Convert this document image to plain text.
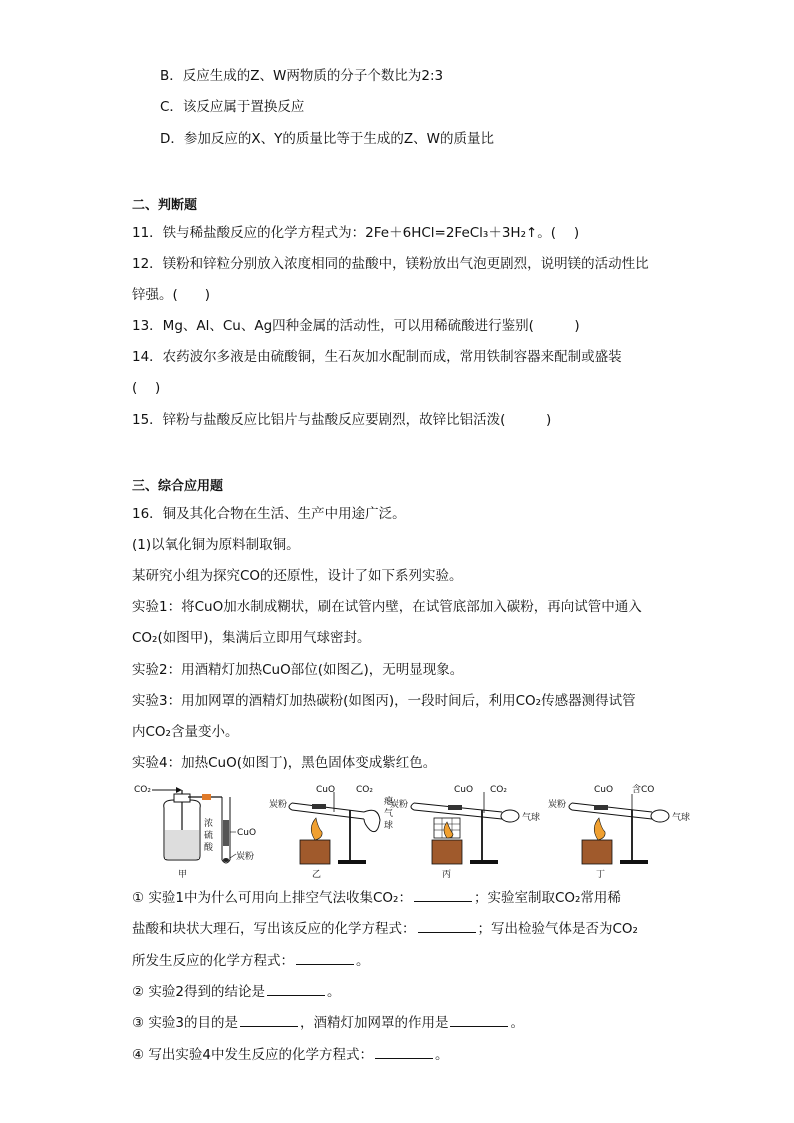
B．反应生成的Z、W两物质的分子个数比为2:3
C．该反应属于置换反应
D．参加反应的X、Y的质量比等于生成的Z、W的质量比
二、判断题
11．铁与稀盐酸反应的化学方程式为：2Fe＋6HCl=2FeCl₃＋3H₂↑。(　 )
12．镁粉和锌粒分别放入浓度相同的盐酸中，镁粉放出气泡更剧烈，说明镁的活动性比
锌强。(　　)
13．Mg、Al、Cu、Ag四种金属的活动性，可以用稀硫酸进行鉴别(　　　)
14．农药波尔多液是由硫酸铜，生石灰加水配制而成，常用铁制容器来配制或盛装
(　 )
15．锌粉与盐酸反应比铝片与盐酸反应要剧烈，故锌比铝活泼(　　　)
三、综合应用题
16．铜及其化合物在生活、生产中用途广泛。
(1)以氧化铜为原料制取铜。
某研究小组为探究CO的还原性，设计了如下系列实验。
实验1：将CuO加水制成糊状，刷在试管内壁，在试管底部加入碳粉，再向试管中通入
CO₂(如图甲)，集满后立即用气球密封。
实验2：用酒精灯加热CuO部位(如图乙)，无明显现象。
实验3：用加网罩的酒精灯加热碳粉(如图丙)，一段时间后，利用CO₂传感器测得试管
内CO₂含量变小。
实验4：加热CuO(如图丁)，黑色固体变成紫红色。
CO₂
浓
硫
酸
CuO
炭粉
甲
炭粉
CuO CO₂
瘪
气
球
乙
炭粉
CuO CO₂
气球
丙
炭粉
CuO 含CO
气球
丁
① 实验1中为什么可用向上排空气法收集CO₂：	；实验室制取CO₂常用稀
盐酸和块状大理石，写出该反应的化学方程式：	；写出检验气体是否为CO₂
所发生反应的化学方程式：	。
② 实验2得到的结论是	。
③ 实验3的目的是	，酒精灯加网罩的作用是	。
④ 写出实验4中发生反应的化学方程式：	。
